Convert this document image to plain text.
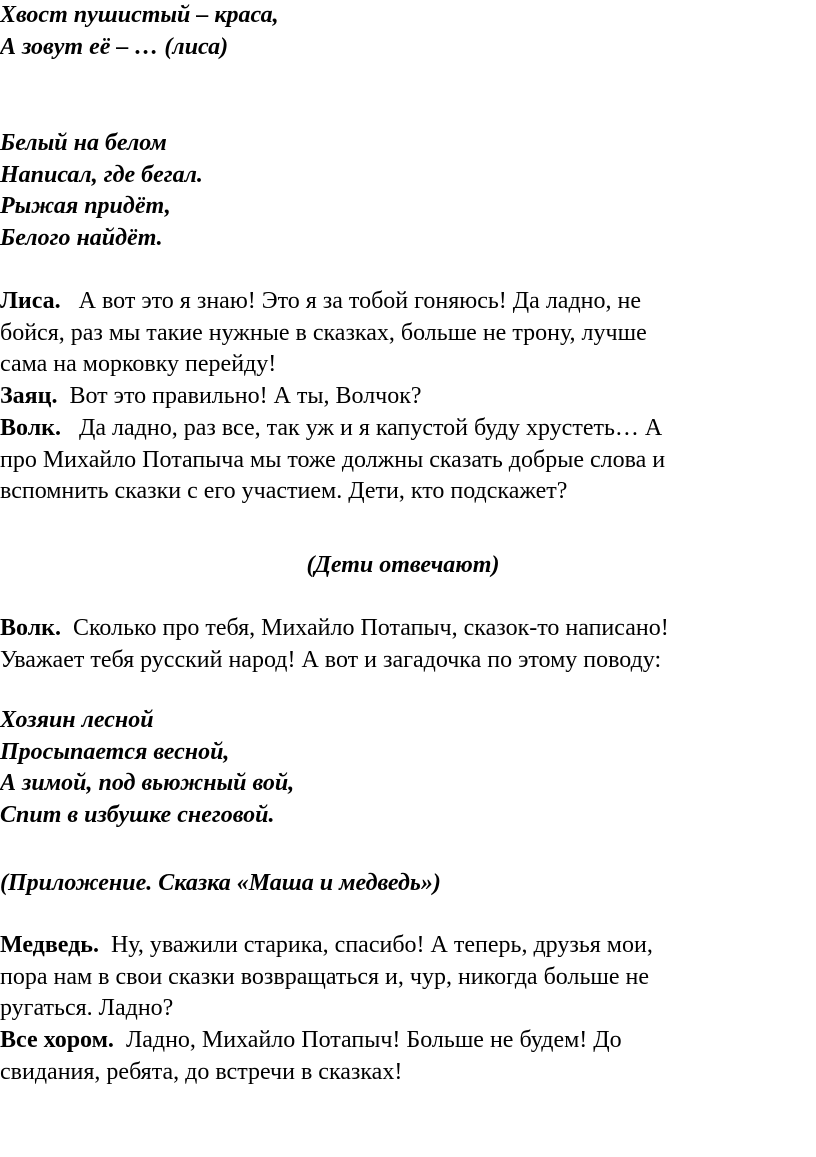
Хвост пушистый – краса,
А зовут её – … (лиса)
Белый на белом
Написал, где бегал.
Рыжая придёт,
Белого найдёт.
Лиса. А вот это я знаю! Это я за тобой гоняюсь! Да ладно, не
бойся, раз мы такие нужные в сказках, больше не трону, лучше
сама на морковку перейду!
Заяц. Вот это правильно! А ты, Волчок?
Волк. Да ладно, раз все, так уж и я капустой буду хрустеть… А
про Михайло Потапыча мы тоже должны сказать добрые слова и
вспомнить сказки с его участием. Дети, кто подскажет?
(Дети отвечают)
Волк. Сколько про тебя, Михайло Потапыч, сказок-то написано!
Уважает тебя русский народ! А вот и загадочка по этому поводу:
Хозяин лесной
Просыпается весной,
А зимой, под вьюжный вой,
Спит в избушке снеговой.
(Приложение. Сказка «Маша и медведь»)
Медведь. Ну, уважили старика, спасибо! А теперь, друзья мои,
пора нам в свои сказки возвращаться и, чур, никогда больше не
ругаться. Ладно?
Все хором. Ладно, Михайло Потапыч! Больше не будем! До
свидания, ребята, до встречи в сказках!
